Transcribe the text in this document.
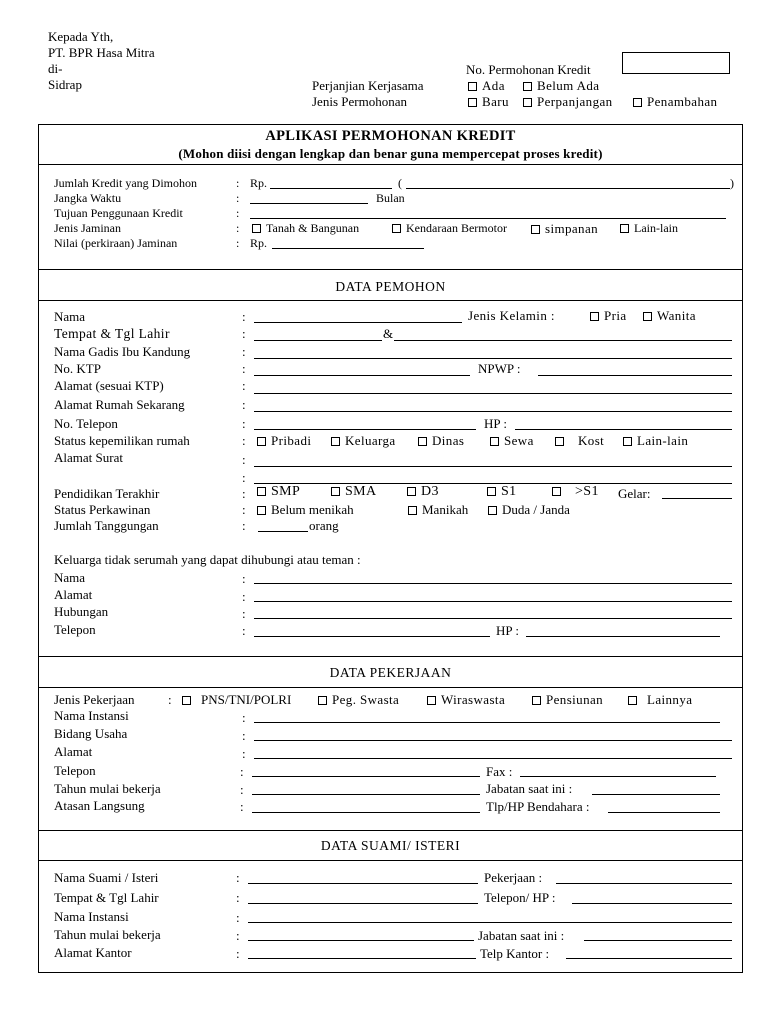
Kepada Yth,
PT. BPR Hasa Mitra
di-
Sidrap
No. Permohonan Kredit
Perjanjian Kerjasama	Ada	Belum Ada
Jenis Permohonan	Baru	Perpanjangan	Penambahan
APLIKASI PERMOHONAN KREDIT
(Mohon diisi dengan lengkap dan benar guna mempercepat proses kredit)
Jumlah Kredit yang Dimohon	: Rp.	(	)
Jangka Waktu	:	Bulan
Tujuan Penggunaan Kredit	:
Jenis Jaminan	:	Tanah & Bangunan	Kendaraan Bermotor	simpanan	Lain-lain
Nilai (perkiraan) Jaminan	: Rp.
DATA PEMOHON
Nama	:	Jenis Kelamin :	Pria	Wanita
Tempat & Tgl Lahir	:	&
Nama Gadis Ibu Kandung	:
No. KTP	:	NPWP :
Alamat (sesuai KTP)	:
Alamat Rumah Sekarang	:
No. Telepon	:	HP :
Status kepemilikan rumah	:	Pribadi	Keluarga	Dinas	Sewa	Kost	Lain-lain
Alamat Surat	:
:
Pendidikan Terakhir	:	SMP	SMA	D3	S1	>S1 Gelar:
Status Perkawinan	:	Belum menikah	Manikah	Duda / Janda
Jumlah Tanggungan	:	orang
Keluarga tidak serumah yang dapat dihubungi atau teman :
Nama	:
Alamat	:
Hubungan	:
Telepon	:	HP :
DATA PEKERJAAN
Jenis Pekerjaan	:	PNS/TNI/POLRI	Peg. Swasta	Wiraswasta	Pensiunan	Lainnya
Nama Instansi	:
Bidang Usaha	:
Alamat	:
Telepon	:	Fax :
Tahun mulai bekerja	:	Jabatan saat ini :
Atasan Langsung	:	Tlp/HP Bendahara :
DATA SUAMI/ ISTERI
Nama Suami / Isteri	:	Pekerjaan :
Tempat & Tgl Lahir	:	Telepon/ HP :
Nama Instansi	:
Tahun mulai bekerja	:	Jabatan saat ini :
Alamat Kantor	:	Telp Kantor :
